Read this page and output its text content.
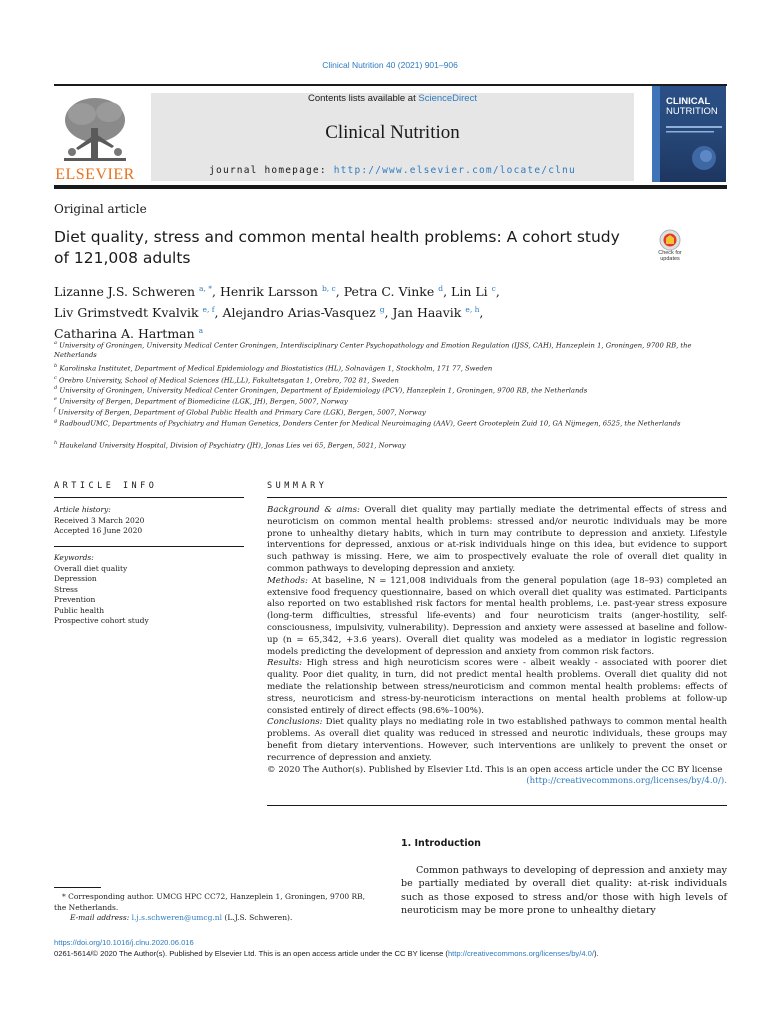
Clinical Nutrition 40 (2021) 901–906
ELSEVIER
Contents lists available at ScienceDirect
Clinical Nutrition
journal homepage: http://www.elsevier.com/locate/clnu
CLINICAL
NUTRITION
Original article
Diet quality, stress and common mental health problems: A cohort study of 121,008 adults	Check for updates
Lizanne J.S. Schweren $^{a, *}$, Henrik Larsson $^{b, c}$, Petra C. Vinke $^d$, Lin Li $^c$,
Liv Grimstvedt Kvalvik $^{e, f}$, Alejandro Arias-Vasquez $^g$, Jan Haavik $^{e, h}$,
Catharina A. Hartman $^a$
$^a$ University of Groningen, University Medical Center Groningen, Interdisciplinary Center Psychopathology and Emotion Regulation (IJSS, CAH), Hanzeplein 1, Groningen, 9700 RB, the Netherlands
$^b$ Karolinska Institutet, Department of Medical Epidemiology and Biostatistics (HL), Solnavägen 1, Stockholm, 171 77, Sweden
$^c$ Orebro University, School of Medical Sciences (HL,LL), Fakultetsgatan 1, Orebro, 702 81, Sweden
$^d$ University of Groningen, University Medical Center Groningen, Department of Epidemiology (PCV), Hanzeplein 1, Groningen, 9700 RB, the Netherlands
$^e$ University of Bergen, Department of Biomedicine (LGK, JH), Bergen, 5007, Norway
$^f$ University of Bergen, Department of Global Public Health and Primary Care (LGK), Bergen, 5007, Norway
$^g$ RadboudUMC, Departments of Psychiatry and Human Genetics, Donders Center for Medical Neuroimaging (AAV), Geert Grooteplein Zuid 10, GA Nijmegen, 6525, the Netherlands
$^h$ Haukeland University Hospital, Division of Psychiatry (JH), Jonas Lies vei 65, Bergen, 5021, Norway
ARTICLE INFO
Article history:
Received 3 March 2020
Accepted 16 June 2020
Keywords:
Overall diet quality
Depression
Stress
Prevention
Public health
Prospective cohort study
SUMMARY
Background & aims: Overall diet quality may partially mediate the detrimental effects of stress and neuroticism on common mental health problems: stressed and/or neurotic individuals may be more prone to unhealthy dietary habits, which in turn may contribute to depression and anxiety. Lifestyle interventions for depressed, anxious or at-risk individuals hinge on this idea, but evidence to support such pathway is missing. Here, we aim to prospectively evaluate the role of overall diet quality in common pathways to developing depression and anxiety.
Methods: At baseline, N = 121,008 individuals from the general population (age 18–93) completed an extensive food frequency questionnaire, based on which overall diet quality was estimated. Participants also reported on two established risk factors for mental health problems, i.e. past-year stress exposure (long-term difficulties, stressful life-events) and four neuroticism traits (anger-hostility, self-consciousness, impulsivity, vulnerability). Depression and anxiety were assessed at baseline and follow-up (n = 65,342, +3.6 years). Overall diet quality was modeled as a mediator in logistic regression models predicting the development of depression and anxiety from common risk factors.
Results: High stress and high neuroticism scores were - albeit weakly - associated with poorer diet quality. Poor diet quality, in turn, did not predict mental health problems. Overall diet quality did not mediate the relationship between stress/neuroticism and common mental health problems: effects of stress, neuroticism and stress-by-neuroticism interactions on mental health problems at follow-up consisted entirely of direct effects (98.6%–100%).
Conclusions: Diet quality plays no mediating role in two established pathways to common mental health problems. As overall diet quality was reduced in stressed and neurotic individuals, these groups may benefit from dietary interventions. However, such interventions are unlikely to prevent the onset or recurrence of depression and anxiety.
© 2020 The Author(s). Published by Elsevier Ltd. This is an open access article under the CC BY license
(http://creativecommons.org/licenses/by/4.0/).
1. Introduction
Common pathways to developing of depression and anxiety may be partially mediated by overall diet quality: at-risk individuals such as those exposed to stress and/or those with high levels of neuroticism may be more prone to unhealthy dietary
* Corresponding author. UMCG HPC CC72, Hanzeplein 1, Groningen, 9700 RB, the Netherlands.
E-mail address: l.j.s.schweren@umcg.nl (L.J.S. Schweren).
https://doi.org/10.1016/j.clnu.2020.06.016
0261-5614/© 2020 The Author(s). Published by Elsevier Ltd. This is an open access article under the CC BY license (http://creativecommons.org/licenses/by/4.0/).
